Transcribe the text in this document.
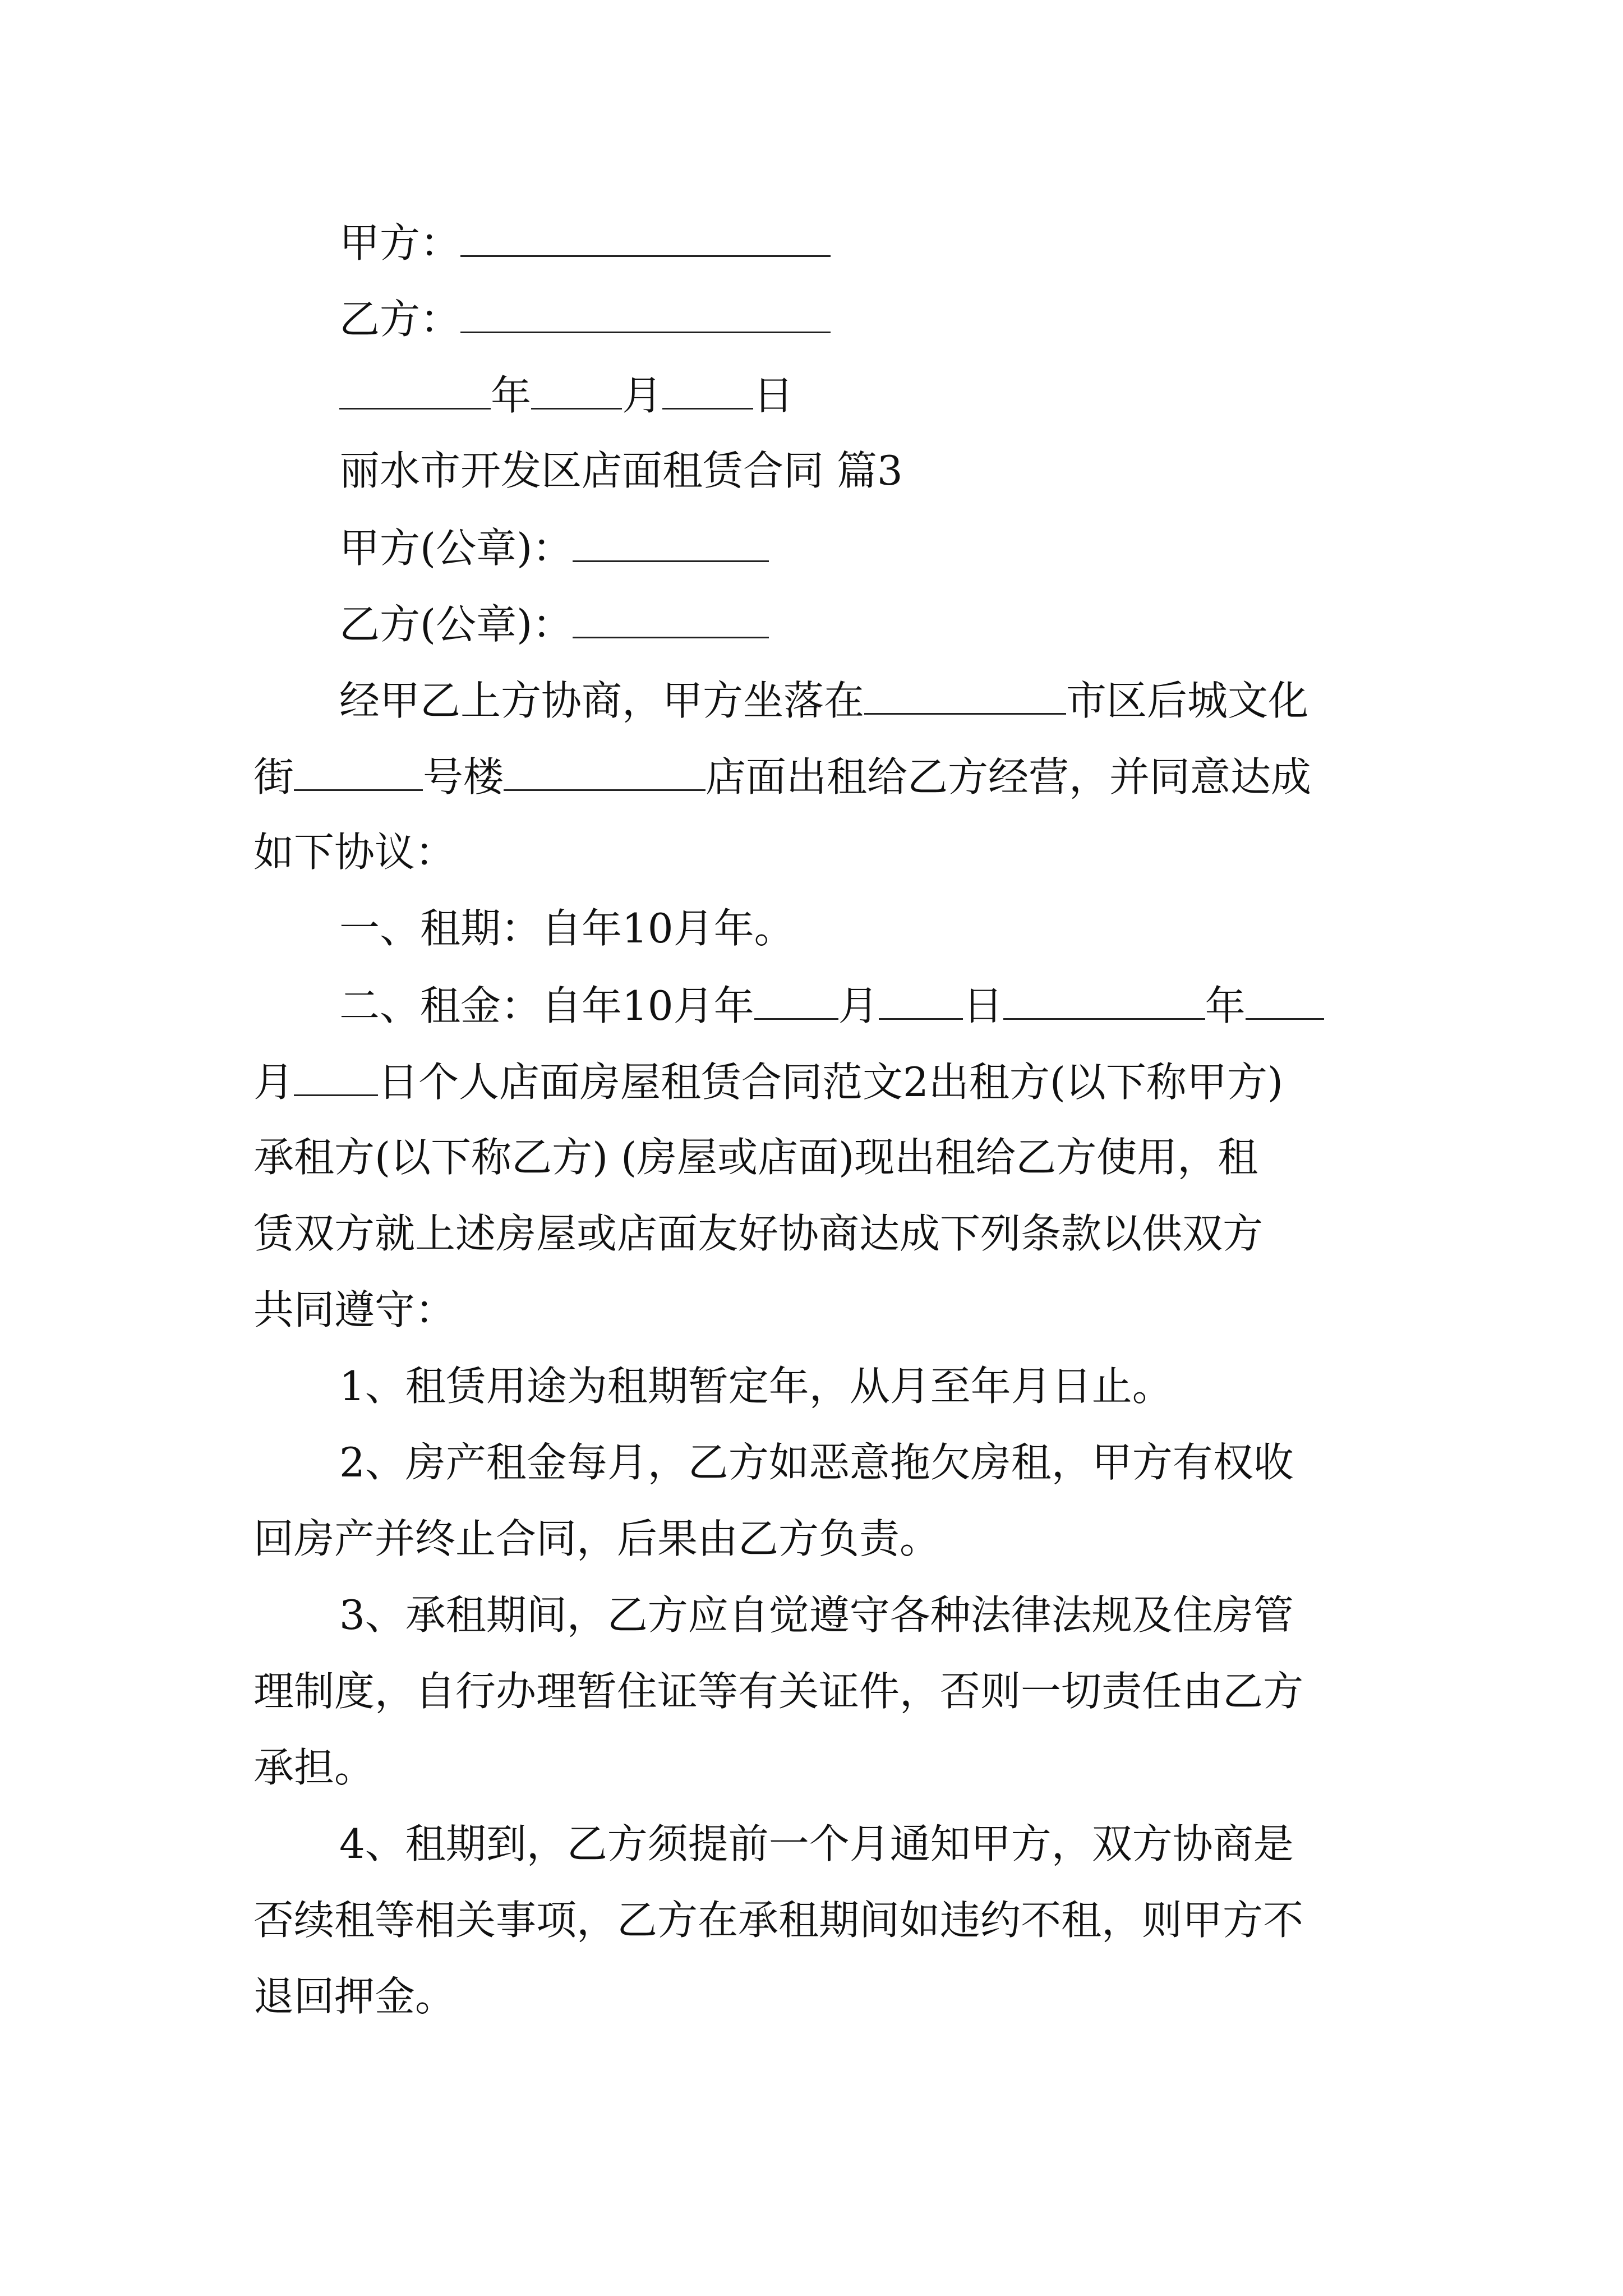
甲方：
乙方：
年 月 日
丽水市开发区店面租赁合同 篇3
甲方(公章)：
乙方(公章)：
经甲乙上方协商，甲方坐落在	市区后城文化
街	号楼	店面出租给乙方经营，并同意达成
如下协议：
一、租期：自年10月年。
二、租金：自年10月年 月 日	年
月 日个人店面房屋租赁合同范文2出租方(以下称甲方)
承租方(以下称乙方) (房屋或店面)现出租给乙方使用，租
赁双方就上述房屋或店面友好协商达成下列条款以供双方
共同遵守：
1、租赁用途为租期暂定年，从月至年月日止。
2、房产租金每月，乙方如恶意拖欠房租，甲方有权收
回房产并终止合同，后果由乙方负责。
3、承租期间，乙方应自觉遵守各种法律法规及住房管
理制度，自行办理暂住证等有关证件，否则一切责任由乙方
承担。
4、租期到，乙方须提前一个月通知甲方，双方协商是
否续租等相关事项，乙方在承租期间如违约不租，则甲方不
退回押金。
